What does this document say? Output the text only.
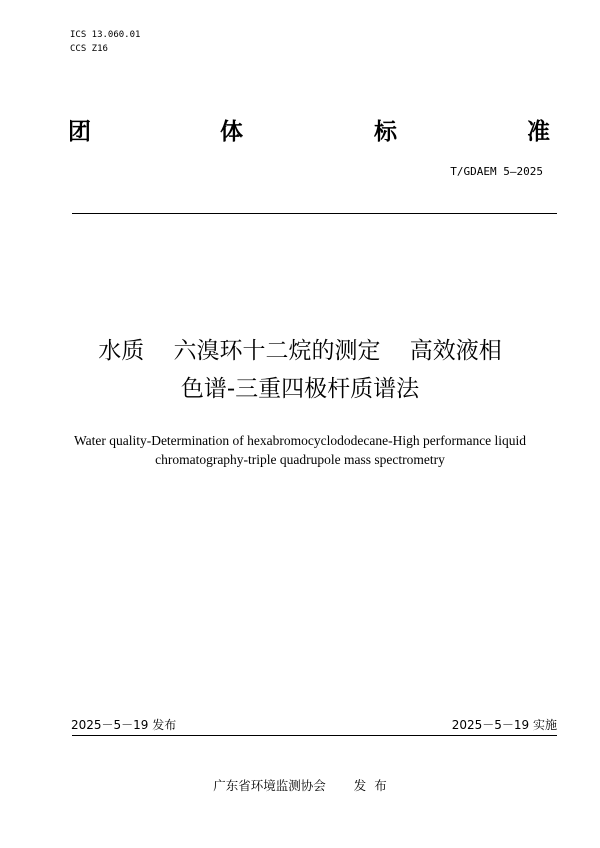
ICS 13.060.01
CCS Z16
团	体	标	准
T/GDAEM 5—2025
水质    六溴环十二烷的测定    高效液相
色谱-三重四极杆质谱法
Water quality-Determination of hexabromocyclododecane-High performance liquid
chromatography-triple quadrupole mass spectrometry
2025－5－19 发布	2025－5－19 实施
广东省环境监测协会 发  布
